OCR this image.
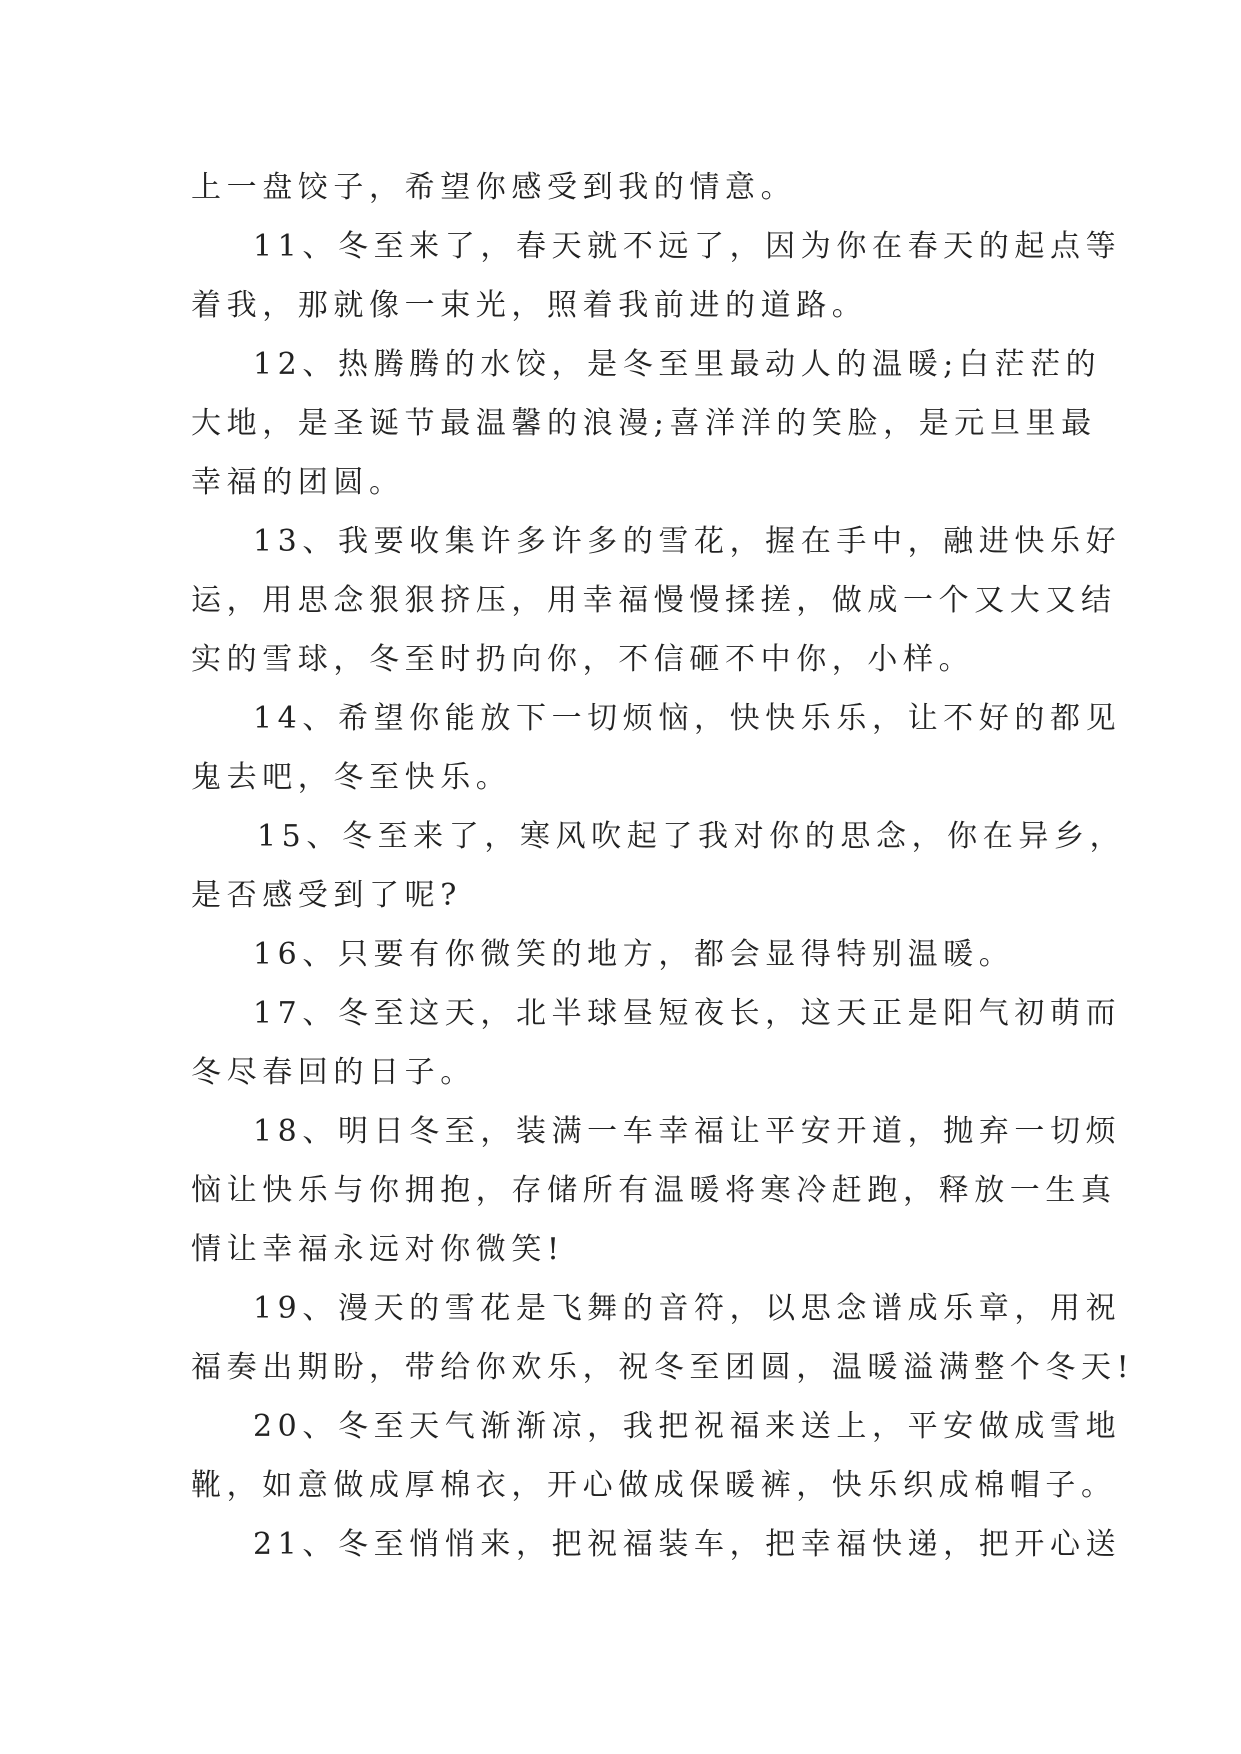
上一盘饺子，希望你感受到我的情意。
11、冬至来了，春天就不远了，因为你在春天的起点等
着我，那就像一束光，照着我前进的道路。
12、热腾腾的水饺，是冬至里最动人的温暖;白茫茫的
大地，是圣诞节最温馨的浪漫;喜洋洋的笑脸，是元旦里最
幸福的团圆。
13、我要收集许多许多的雪花，握在手中，融进快乐好
运，用思念狠狠挤压，用幸福慢慢揉搓，做成一个又大又结
实的雪球，冬至时扔向你，不信砸不中你，小样。
14、希望你能放下一切烦恼，快快乐乐，让不好的都见
鬼去吧，冬至快乐。
15、冬至来了，寒风吹起了我对你的思念，你在异乡，
是否感受到了呢?
16、只要有你微笑的地方，都会显得特别温暖。
17、冬至这天，北半球昼短夜长，这天正是阳气初萌而
冬尽春回的日子。
18、明日冬至，装满一车幸福让平安开道，抛弃一切烦
恼让快乐与你拥抱，存储所有温暖将寒冷赶跑，释放一生真
情让幸福永远对你微笑!
19、漫天的雪花是飞舞的音符，以思念谱成乐章，用祝
福奏出期盼，带给你欢乐，祝冬至团圆，温暖溢满整个冬天!
20、冬至天气渐渐凉，我把祝福来送上，平安做成雪地
靴，如意做成厚棉衣，开心做成保暖裤，快乐织成棉帽子。
21、冬至悄悄来，把祝福装车，把幸福快递，把开心送
